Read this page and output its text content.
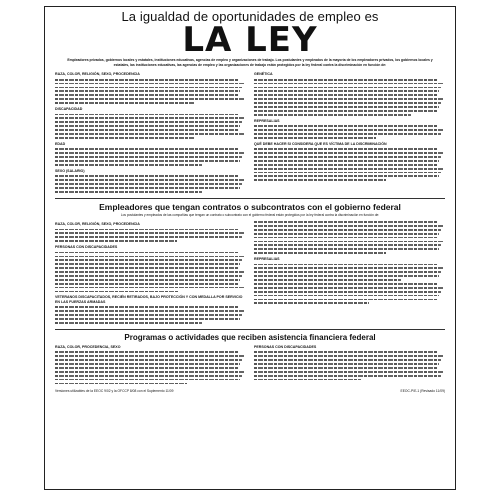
La igualdad de oportunidades de empleo es
LA LEY
Empleadores privados, gobiernos locales y estatales, instituciones educativas, agencias de empleo y organizaciones de trabajo. Los postulantes y empleados de la mayoría de los empleadores privados, los gobiernos locales y estatales, las instituciones educativas, las agencias de empleo y las organizaciones de trabajo están protegidos por la ley federal contra la discriminación en función de:
RAZA, COLOR, RELIGIÓN, SEXO, PROCEDENCIA
DISCAPACIDAD
EDAD
SEXO (SALARIO)
GENÉTICA
REPRESALIAS
QUÉ DEBE HACER SI CONSIDERA QUE ES VÍCTIMA DE LA DISCRIMINACIÓN
Empleadores que tengan contratos o subcontratos con el gobierno federal
Los postulantes y empleados de las compañías que tengan un contrato o subcontrato con el gobierno federal están protegidos por la ley federal contra la discriminación en función de:
RAZA, COLOR, RELIGIÓN, SEXO, PROCEDENCIA
PERSONAS CON DISCAPACIDADES
VETERANOS DISCAPACITADOS, RECIÉN RETIRADOS, BAJO PROTECCIÓN Y CON MEDALLA POR SERVICIO EN LAS FUERZAS ARMADAS
REPRESALIAS
Programas o actividades que reciben asistencia financiera federal
RAZA, COLOR, PROCEDENCIA, SEXO	PERSONAS CON DISCAPACIDADES
Versiones utilizables de la EEOC 9/02 y la OFCCP 8/08 con el Suplemento 11/09	EEOC-P/E-1 (Revisado 11/09)
